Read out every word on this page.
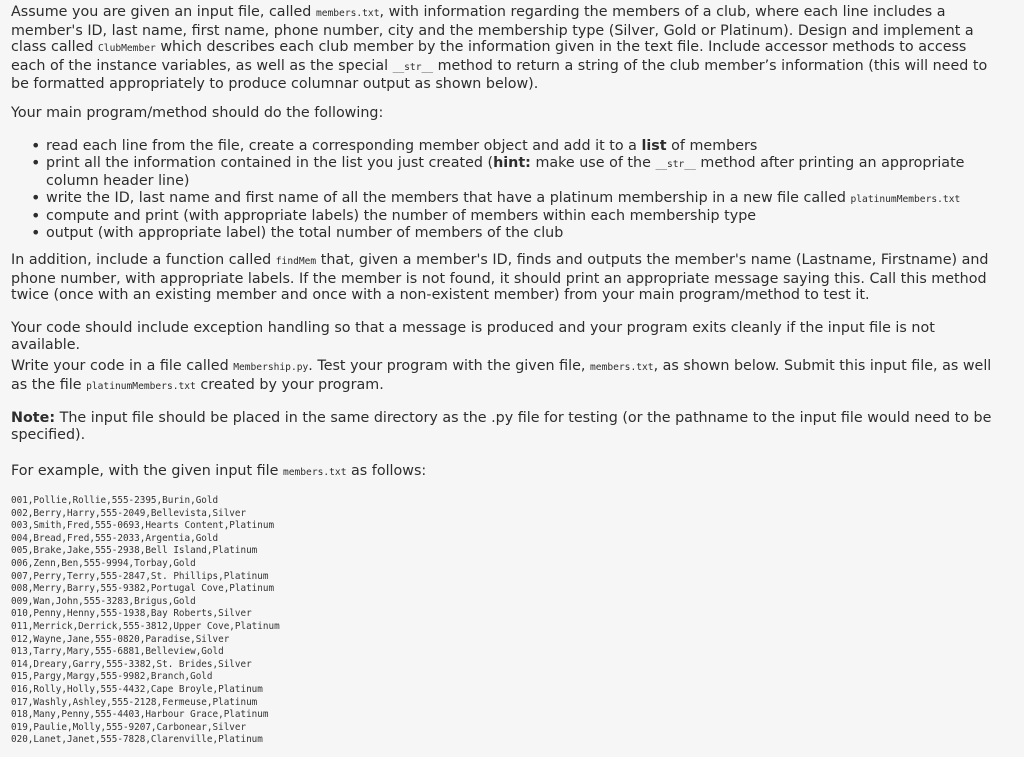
Assume you are given an input file, called members.txt, with information regarding the members of a club, where each line includes a member's ID, last name, first name, phone number, city and the membership type (Silver, Gold or Platinum). Design and implement a class called ClubMember which describes each club member by the information given in the text file. Include accessor methods to access each of the instance variables, as well as the special __str__ method to return a string of the club member’s information (this will need to be formatted appropriately to produce columnar output as shown below).

Your main program/method should do the following:

• read each line from the file, create a corresponding member object and add it to a list of members
• print all the information contained in the list you just created (hint: make use of the __str__ method after printing an appropriate column header line)
• write the ID, last name and first name of all the members that have a platinum membership in a new file called platinumMembers.txt
• compute and print (with appropriate labels) the number of members within each membership type
• output (with appropriate label) the total number of members of the club

In addition, include a function called findMem that, given a member's ID, finds and outputs the member's name (Lastname, Firstname) and phone number, with appropriate labels. If the member is not found, it should print an appropriate message saying this. Call this method twice (once with an existing member and once with a non-existent member) from your main program/method to test it.

Your code should include exception handling so that a message is produced and your program exits cleanly if the input file is not available.

Write your code in a file called Membership.py. Test your program with the given file, members.txt, as shown below. Submit this input file, as well as the file platinumMembers.txt created by your program.

Note: The input file should be placed in the same directory as the .py file for testing (or the pathname to the input file would need to be specified).

For example, with the given input file members.txt as follows:

001,Pollie,Rollie,555-2395,Burin,Gold
002,Berry,Harry,555-2049,Bellevista,Silver
003,Smith,Fred,555-0693,Hearts Content,Platinum
004,Bread,Fred,555-2033,Argentia,Gold
005,Brake,Jake,555-2938,Bell Island,Platinum
006,Zenn,Ben,555-9994,Torbay,Gold
007,Perry,Terry,555-2847,St. Phillips,Platinum
008,Merry,Barry,555-9382,Portugal Cove,Platinum
009,Wan,John,555-3283,Brigus,Gold
010,Penny,Henny,555-1938,Bay Roberts,Silver
011,Merrick,Derrick,555-3812,Upper Cove,Platinum
012,Wayne,Jane,555-0820,Paradise,Silver
013,Tarry,Mary,555-6881,Belleview,Gold
014,Dreary,Garry,555-3382,St. Brides,Silver
015,Pargy,Margy,555-9982,Branch,Gold
016,Rolly,Holly,555-4432,Cape Broyle,Platinum
017,Washly,Ashley,555-2128,Fermeuse,Platinum
018,Many,Penny,555-4403,Harbour Grace,Platinum
019,Paulie,Molly,555-9207,Carbonear,Silver
020,Lanet,Janet,555-7828,Clarenville,Platinum
